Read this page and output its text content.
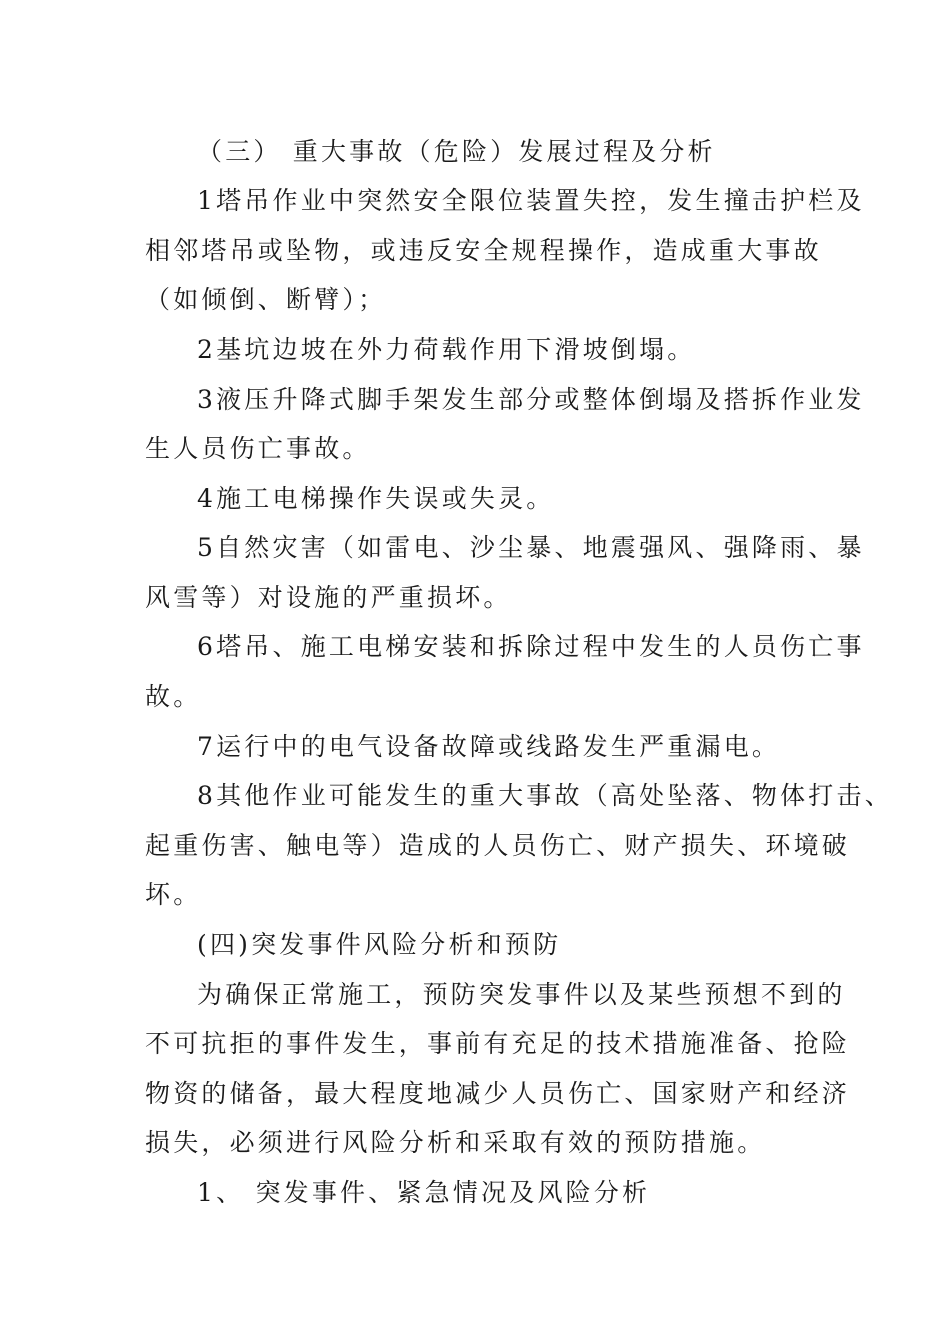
（三） 重大事故（危险）发展过程及分析
1塔吊作业中突然安全限位装置失控，发生撞击护栏及
相邻塔吊或坠物，或违反安全规程操作，造成重大事故
（如倾倒、断臂）；
2基坑边坡在外力荷载作用下滑坡倒塌。
3液压升降式脚手架发生部分或整体倒塌及搭拆作业发
生人员伤亡事故。
4施工电梯操作失误或失灵。
5自然灾害（如雷电、沙尘暴、地震强风、强降雨、暴
风雪等）对设施的严重损坏。
6塔吊、施工电梯安装和拆除过程中发生的人员伤亡事
故。
7运行中的电气设备故障或线路发生严重漏电。
8其他作业可能发生的重大事故（高处坠落、物体打击、
起重伤害、触电等）造成的人员伤亡、财产损失、环境破
坏。
(四)突发事件风险分析和预防
为确保正常施工，预防突发事件以及某些预想不到的
不可抗拒的事件发生，事前有充足的技术措施准备、抢险
物资的储备，最大程度地减少人员伤亡、国家财产和经济
损失，必须进行风险分析和采取有效的预防措施。
1、 突发事件、紧急情况及风险分析
